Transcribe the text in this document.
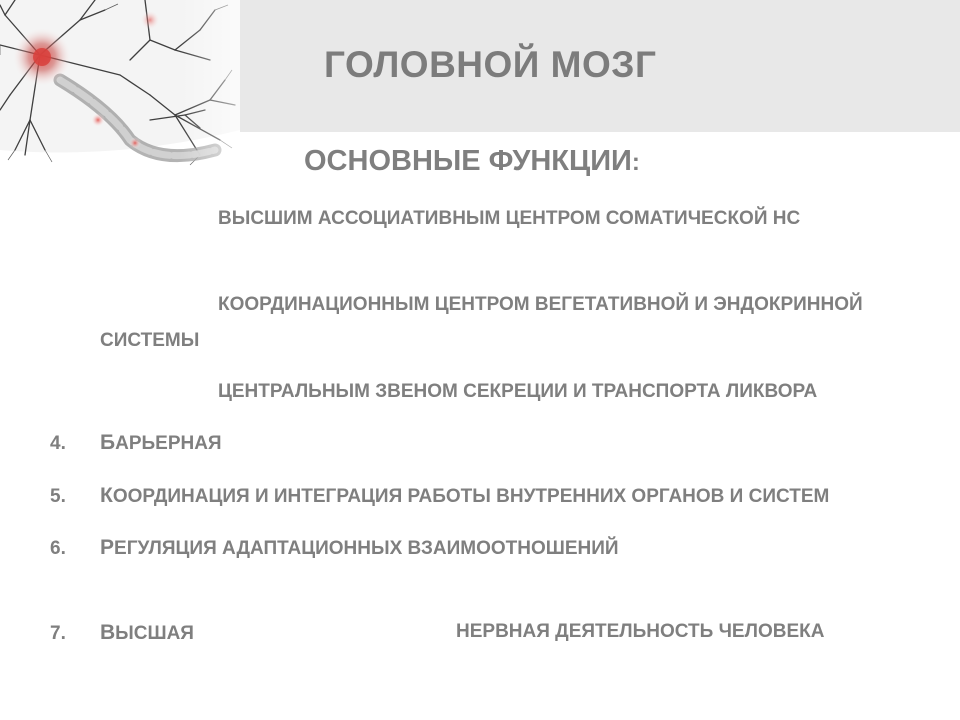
ГОЛОВНОЙ МОЗГ
ОСНОВНЫЕ ФУНКЦИИ:
ВЫСШИМ АССОЦИАТИВНЫМ ЦЕНТРОМ СОМАТИЧЕСКОЙ НС
КООРДИНАЦИОННЫМ ЦЕНТРОМ ВЕГЕТАТИВНОЙ И ЭНДОКРИННОЙ
СИСТЕМЫ
ЦЕНТРАЛЬНЫМ ЗВЕНОМ СЕКРЕЦИИ И ТРАНСПОРТА ЛИКВОРА
4. БАРЬЕРНАЯ
5. КООРДИНАЦИЯ И ИНТЕГРАЦИЯ РАБОТЫ ВНУТРЕННИХ ОРГАНОВ И СИСТЕМ
6. РЕГУЛЯЦИЯ АДАПТАЦИОННЫХ ВЗАИМООТНОШЕНИЙ
7. ВЫСШАЯ	НЕРВНАЯ ДЕЯТЕЛЬНОСТЬ ЧЕЛОВЕКА
